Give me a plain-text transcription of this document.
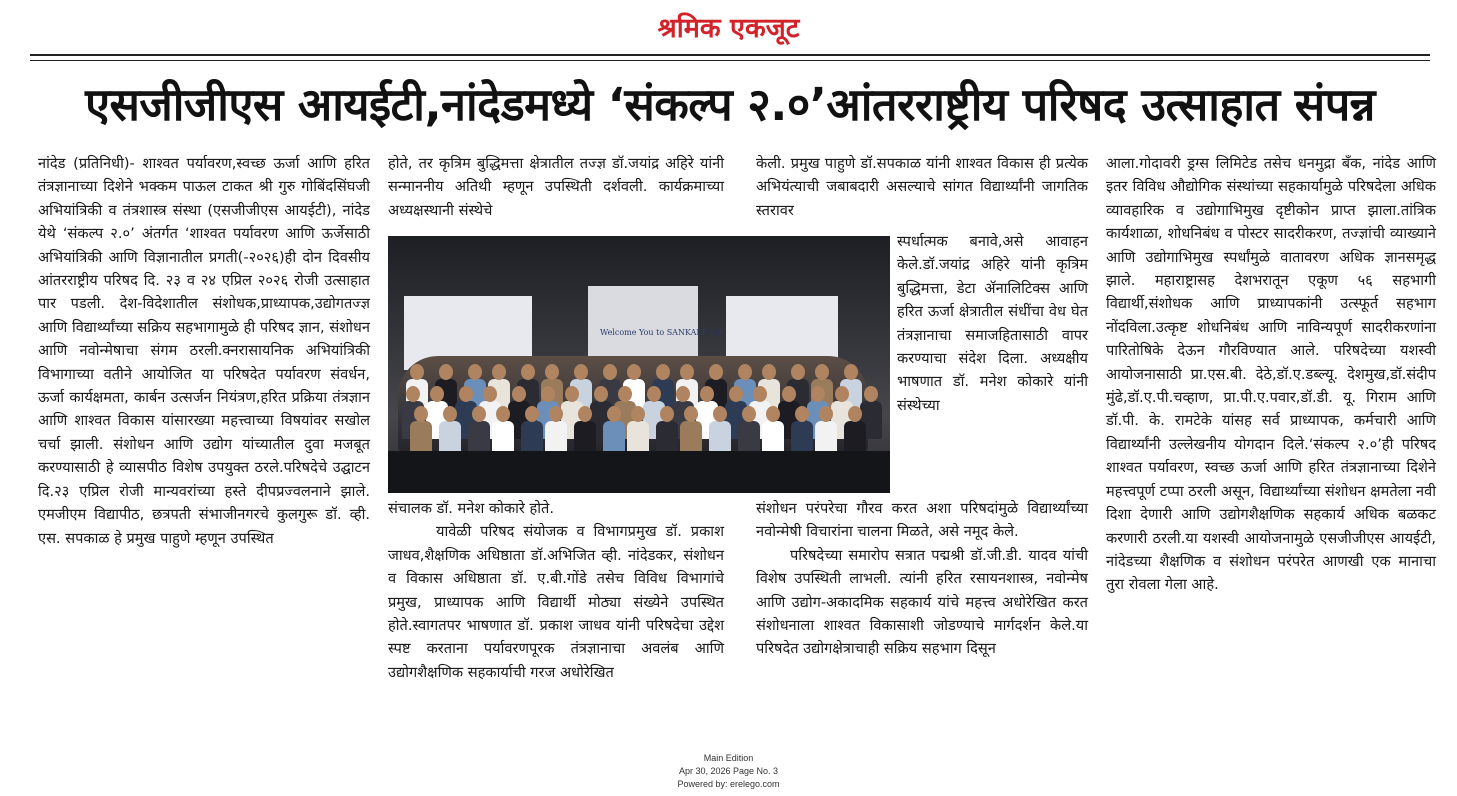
श्रमिक एकजूट
एसजीजीएस आयईटी,नांदेडमध्ये ‘संकल्प २.०’आंतरराष्ट्रीय परिषद उत्साहात संपन्न

नांदेड (प्रतिनिधी)- शाश्वत पर्यावरण,स्वच्छ ऊर्जा आणि हरित तंत्रज्ञानाच्या दिशेने भक्कम पाऊल टाकत श्री गुरु गोबिंदसिंघजी अभियांत्रिकी व तंत्रशास्त्र संस्था (एसजीजीएस आयईटी), नांदेड येथे ‘संकल्प २.०’ अंतर्गत ‘शाश्वत पर्यावरण आणि ऊर्जेसाठी अभियांत्रिकी आणि विज्ञानातील प्रगती(-२०२६)ही दोन दिवसीय आंतरराष्ट्रीय परिषद दि. २३ व २४ एप्रिल २०२६ रोजी उत्साहात पार पडली. देश-विदेशातील संशोधक,प्राध्यापक,उद्योगतज्ज्ञ आणि विद्यार्थ्यांच्या सक्रिय सहभागामुळे ही परिषद ज्ञान, संशोधन आणि नवोन्मेषाचा संगम ठरली.क्नरासायनिक अभियांत्रिकी विभागाच्या वतीने आयोजित या परिषदेत पर्यावरण संवर्धन, ऊर्जा कार्यक्षमता, कार्बन उत्सर्जन नियंत्रण,हरित प्रक्रिया तंत्रज्ञान आणि शाश्वत विकास यांसारख्या महत्त्वाच्या विषयांवर सखोल चर्चा झाली. संशोधन आणि उद्योग यांच्यातील दुवा मजबूत करण्यासाठी हे व्यासपीठ विशेष उपयुक्त ठरले.परिषदेचे उद्घाटन दि.२३ एप्रिल रोजी मान्यवरांच्या हस्ते दीपप्रज्वलनाने झाले. एमजीएम विद्यापीठ, छत्रपती संभाजीनगरचे कुलगुरू डॉ. व्ही. एस. सपकाळ हे प्रमुख पाहुणे म्हणून उपस्थित

होते, तर कृत्रिम बुद्धिमत्ता क्षेत्रातील तज्ज्ञ डॉ.जयांद्र अहिरे यांनी सन्माननीय अतिथी म्हणून उपस्थिती दर्शवली. कार्यक्रमाच्या अध्यक्षस्थानी संस्थेचे

Welcome You to SANKALP 2.0

संचालक डॉ. मनेश कोकारे होते.

यावेळी परिषद संयोजक व विभागप्रमुख डॉ. प्रकाश जाधव,शैक्षणिक अधिष्ठाता डॉ.अभिजित व्ही. नांदेडकर, संशोधन व विकास अधिष्ठाता डॉ. ए.बी.गोंडे तसेच विविध विभागांचे प्रमुख, प्राध्यापक आणि विद्यार्थी मोठ्या संख्येने उपस्थित होते.स्वागतपर भाषणात डॉ. प्रकाश जाधव यांनी परिषदेचा उद्देश स्पष्ट करताना पर्यावरणपूरक तंत्रज्ञानाचा अवलंब आणि उद्योगशैक्षणिक सहकार्याची गरज अधोरेखित

केली. प्रमुख पाहुणे डॉ.सपकाळ यांनी शाश्वत विकास ही प्रत्येक अभियंत्याची जबाबदारी असल्याचे सांगत विद्यार्थ्यांनी जागतिक स्तरावर

स्पर्धात्मक बनावे,असे आवाहन केले.डॉ.जयांद्र अहिरे यांनी कृत्रिम बुद्धिमत्ता, डेटा ॲनालिटिक्स आणि हरित ऊर्जा क्षेत्रातील संधींचा वेध घेत तंत्रज्ञानाचा समाजहितासाठी वापर करण्याचा संदेश दिला. अध्यक्षीय भाषणात डॉ. मनेश कोकारे यांनी संस्थेच्या

संशोधन परंपरेचा गौरव करत अशा परिषदांमुळे विद्यार्थ्यांच्या नवोन्मेषी विचारांना चालना मिळते, असे नमूद केले.

परिषदेच्या समारोप सत्रात पद्मश्री डॉ.जी.डी. यादव यांची विशेष उपस्थिती लाभली. त्यांनी हरित रसायनशास्त्र, नवोन्मेष आणि उद्योग-अकादमिक सहकार्य यांचे महत्त्व अधोरेखित करत संशोधनाला शाश्वत विकासाशी जोडण्याचे मार्गदर्शन केले.या परिषदेत उद्योगक्षेत्राचाही सक्रिय सहभाग दिसून

आला.गोदावरी ड्रग्स लिमिटेड तसेच धनमुद्रा बँक, नांदेड आणि इतर विविध औद्योगिक संस्थांच्या सहकार्यामुळे परिषदेला अधिक व्यावहारिक व उद्योगाभिमुख दृष्टीकोन प्राप्त झाला.तांत्रिक कार्यशाळा, शोधनिबंध व पोस्टर सादरीकरण, तज्ज्ञांची व्याख्याने आणि उद्योगाभिमुख स्पर्धांमुळे वातावरण अधिक ज्ञानसमृद्ध झाले. महाराष्ट्रासह देशभरातून एकूण ५६ सहभागी विद्यार्थी,संशोधक आणि प्राध्यापकांनी उत्स्फूर्त सहभाग नोंदविला.उत्कृष्ट शोधनिबंध आणि नाविन्यपूर्ण सादरीकरणांना पारितोषिके देऊन गौरविण्यात आले. परिषदेच्या यशस्वी आयोजनासाठी प्रा.एस.बी. देठे,डॉ.ए.डब्ल्यू. देशमुख,डॉ.संदीप मुंढे,डॉ.ए.पी.चव्हाण, प्रा.पी.ए.पवार,डॉ.डी. यू. गिराम आणि डॉ.पी. के. रामटेके यांसह सर्व प्राध्यापक, कर्मचारी आणि विद्यार्थ्यांनी उल्लेखनीय योगदान दिले.‘संकल्प २.०’ही परिषद शाश्वत पर्यावरण, स्वच्छ ऊर्जा आणि हरित तंत्रज्ञानाच्या दिशेने महत्त्वपूर्ण टप्पा ठरली असून, विद्यार्थ्यांच्या संशोधन क्षमतेला नवी दिशा देणारी आणि उद्योगशैक्षणिक सहकार्य अधिक बळकट करणारी ठरली.या यशस्वी आयोजनामुळे एसजीजीएस आयईटी, नांदेडच्या शैक्षणिक व संशोधन परंपरेत आणखी एक मानाचा तुरा रोवला गेला आहे.

Main Edition
Apr 30, 2026 Page No. 3
Powered by: erelego.com
